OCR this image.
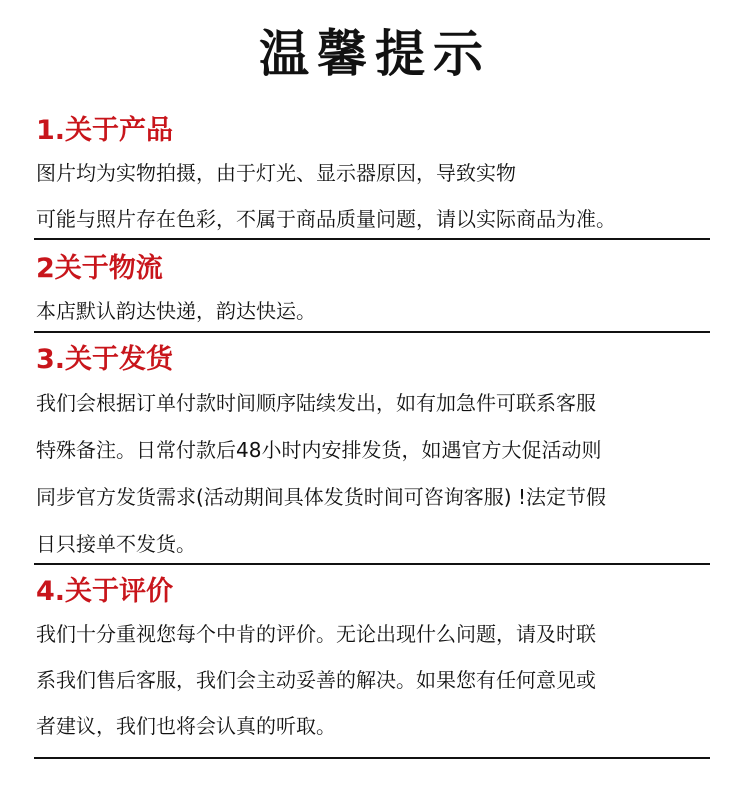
温馨提示
1.关于产品
图片均为实物拍摄，由于灯光、显示器原因，导致实物
可能与照片存在色彩，不属于商品质量问题，请以实际商品为准。
2关于物流
本店默认韵达快递，韵达快运。
3.关于发货
我们会根据订单付款时间顺序陆续发出，如有加急件可联系客服
特殊备注。日常付款后48小时内安排发货，如遇官方大促活动则
同步官方发货需求(活动期间具体发货时间可咨询客服) !法定节假
日只接单不发货。
4.关于评价
我们十分重视您每个中肯的评价。无论出现什么问题，请及时联
系我们售后客服，我们会主动妥善的解决。如果您有任何意见或
者建议，我们也将会认真的听取。
